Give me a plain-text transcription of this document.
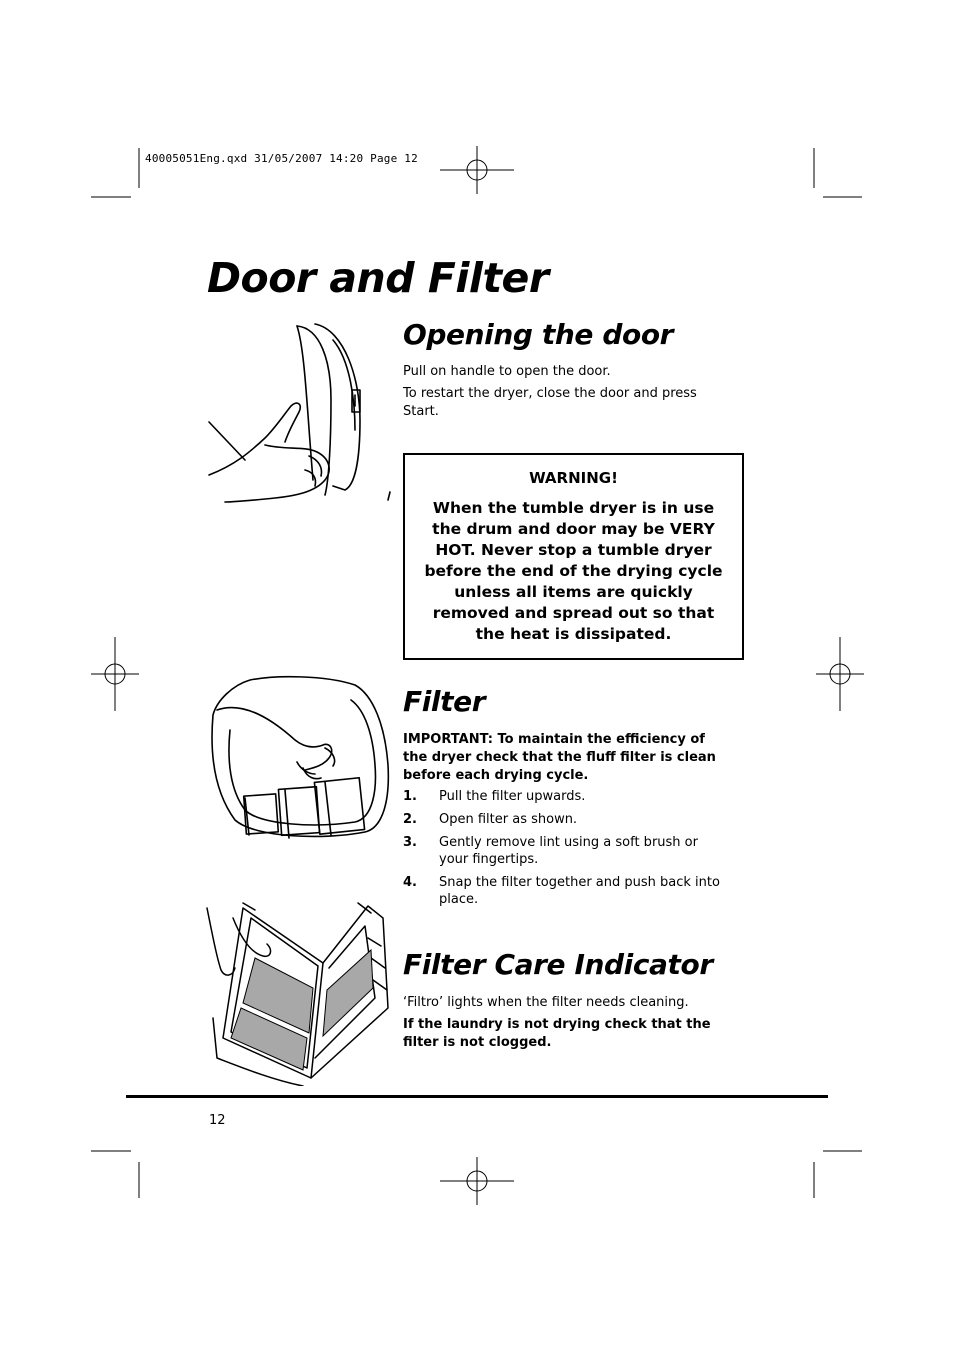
40005051Eng.qxd 31/05/2007 14:20 Page 12
Door and Filter
Opening the door

Pull on handle to open the door.

To restart the dryer, close the door and press Start.

WARNING!
When the tumble dryer is in use the drum and door may be VERY HOT. Never stop a tumble dryer before the end of the drying cycle unless all items are quickly removed and spread out so that the heat is dissipated.
Filter

IMPORTANT: To maintain the efficiency of the dryer check that the fluff filter is clean before each drying cycle.

1. Pull the filter upwards.
2. Open filter as shown.
3. Gently remove lint using a soft brush or your fingertips.
4. Snap the filter together and push back into place.
Filter Care Indicator

‘Filtro’ lights when the filter needs cleaning.

If the laundry is not drying check that the filter is not clogged.

12
